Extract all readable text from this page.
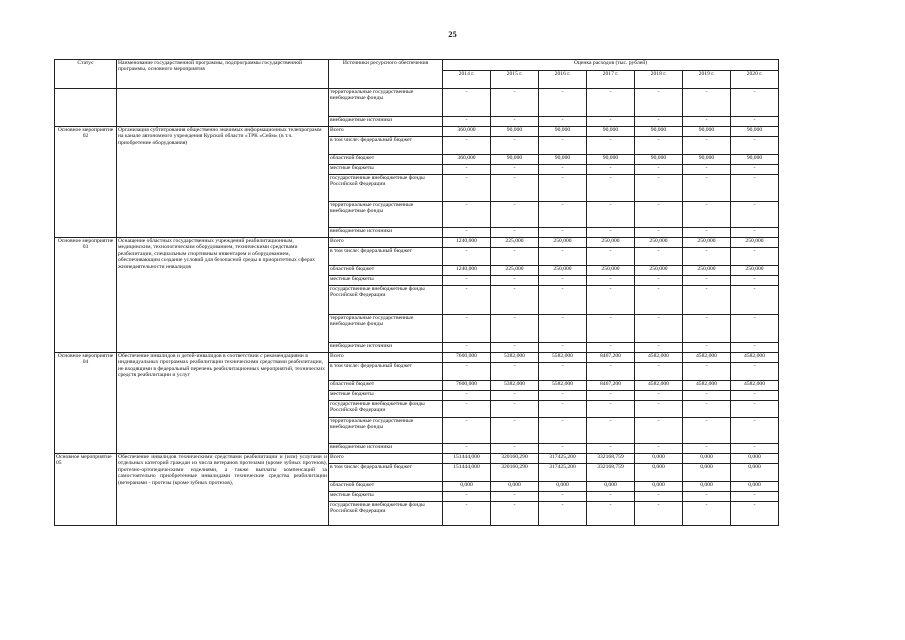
25
Статус	Наименование государственной программы, подпрограммы государственной программы, основного мероприятия	Источники ресурсного обеспечения	Оценка расходов (тыс. рублей)						
			2014 г.	2015 г.	2016 г.	2017 г.	2018 г.	2019 г.	2020 г.
		территориальные государственные внебюджетные фонды	-	-	-	-	-	-	-
		внебюджетные источники	-	-	-	-	-	-	-
Основное мероприятие 02	Организация субтитрования общественно значимых информационных телепрограмм на канале автономного учреждения Курской области «ТРК «Сейм» (в т.ч. приобретение оборудования)	Всего	360,000	90,000	90,000	90,000	90,000	90,000	90,000
		в том числе: федеральный бюджет	-	-	-	-	-	-	-
		областной бюджет	360,000	90,000	90,000	90,000	90,000	90,000	90,000
		местные бюджеты	-	-	-	-	-	-	-
		государственные внебюджетные фонды Российской Федерации	-	-	-	-	-	-	-
		территориальные государственные внебюджетные фонды	-	-	-	-	-	-	-
		внебюджетные источники	-	-	-	-	-	-	-
Основное мероприятие 03	Оснащение областных государственных учреждений реабилитационным, медицинским, технологическим оборудованием, техническими средствами реабилитации, специальным спортивным инвентарем и оборудованием, обеспечивающим создание условий для безопасной среды в приоритетных сферах жизнедеятельности инвалидов	Всего	1240,000	225,000	250,000	250,000	250,000	250,000	250,000
		в том числе: федеральный бюджет	-	-	-	-	-	-	-
		областной бюджет	1240,000	225,000	250,000	250,000	250,000	250,000	250,000
		местные бюджеты	-	-	-	-	-	-	-
		государственные внебюджетные фонды Российской Федерации	-	-	-	-	-	-	-
		территориальные государственные внебюджетные фонды	-	-	-	-	-	-	-
		внебюджетные источники	-	-	-	-	-	-	-
Основное мероприятие 04	Обеспечение инвалидов и детей-инвалидов в соответствии с рекомендациями в индивидуальных программах реабилитации техническими средствами реабилитации, не входящими в федеральный перечень реабилитационных мероприятий, технических средств реабилитации и услуг	Всего	7600,000	5382,000	5582,000	8467,200	4582,000	4582,000	4582,000
		в том числе: федеральный бюджет	-	-	-	-	-	-	-
		областной бюджет	7600,000	5382,000	5582,000	8467,200	4582,000	4582,000	4582,000
		местные бюджеты	-	-	-	-	-	-	-
		государственные внебюджетные фонды Российской Федерации	-	-	-	-	-	-	-
		территориальные государственные внебюджетные фонды	-	-	-	-	-	-	-
		внебюджетные источники	-	-	-	-	-	-	-
Основное мероприятие 05	Обеспечение инвалидов техническими средствами реабилитации и (или) услугами и отдельных категорий граждан из числа ветеранов протезами (кроме зубных протезов), протезно-ортопедическими изделиями, а также выплаты компенсаций за самостоятельно приобретенные инвалидами технические средства реабилитации (ветеранами - протезы (кроме зубных протезов),	Всего	151444,000	320160,290	317425,200	332168,759	0,000	0,000	0,000
		в том числе: федеральный бюджет	151444,000	320160,290	317425,200	332168,759	0,000	0,000	0,000
		областной бюджет	0,000	0,000	0,000	0,000	0,000	0,000	0,000
		местные бюджеты	-	-	-	-	-	-	-
		государственные внебюджетные фонды Российской Федерации	-	-	-	-	-	-	-
